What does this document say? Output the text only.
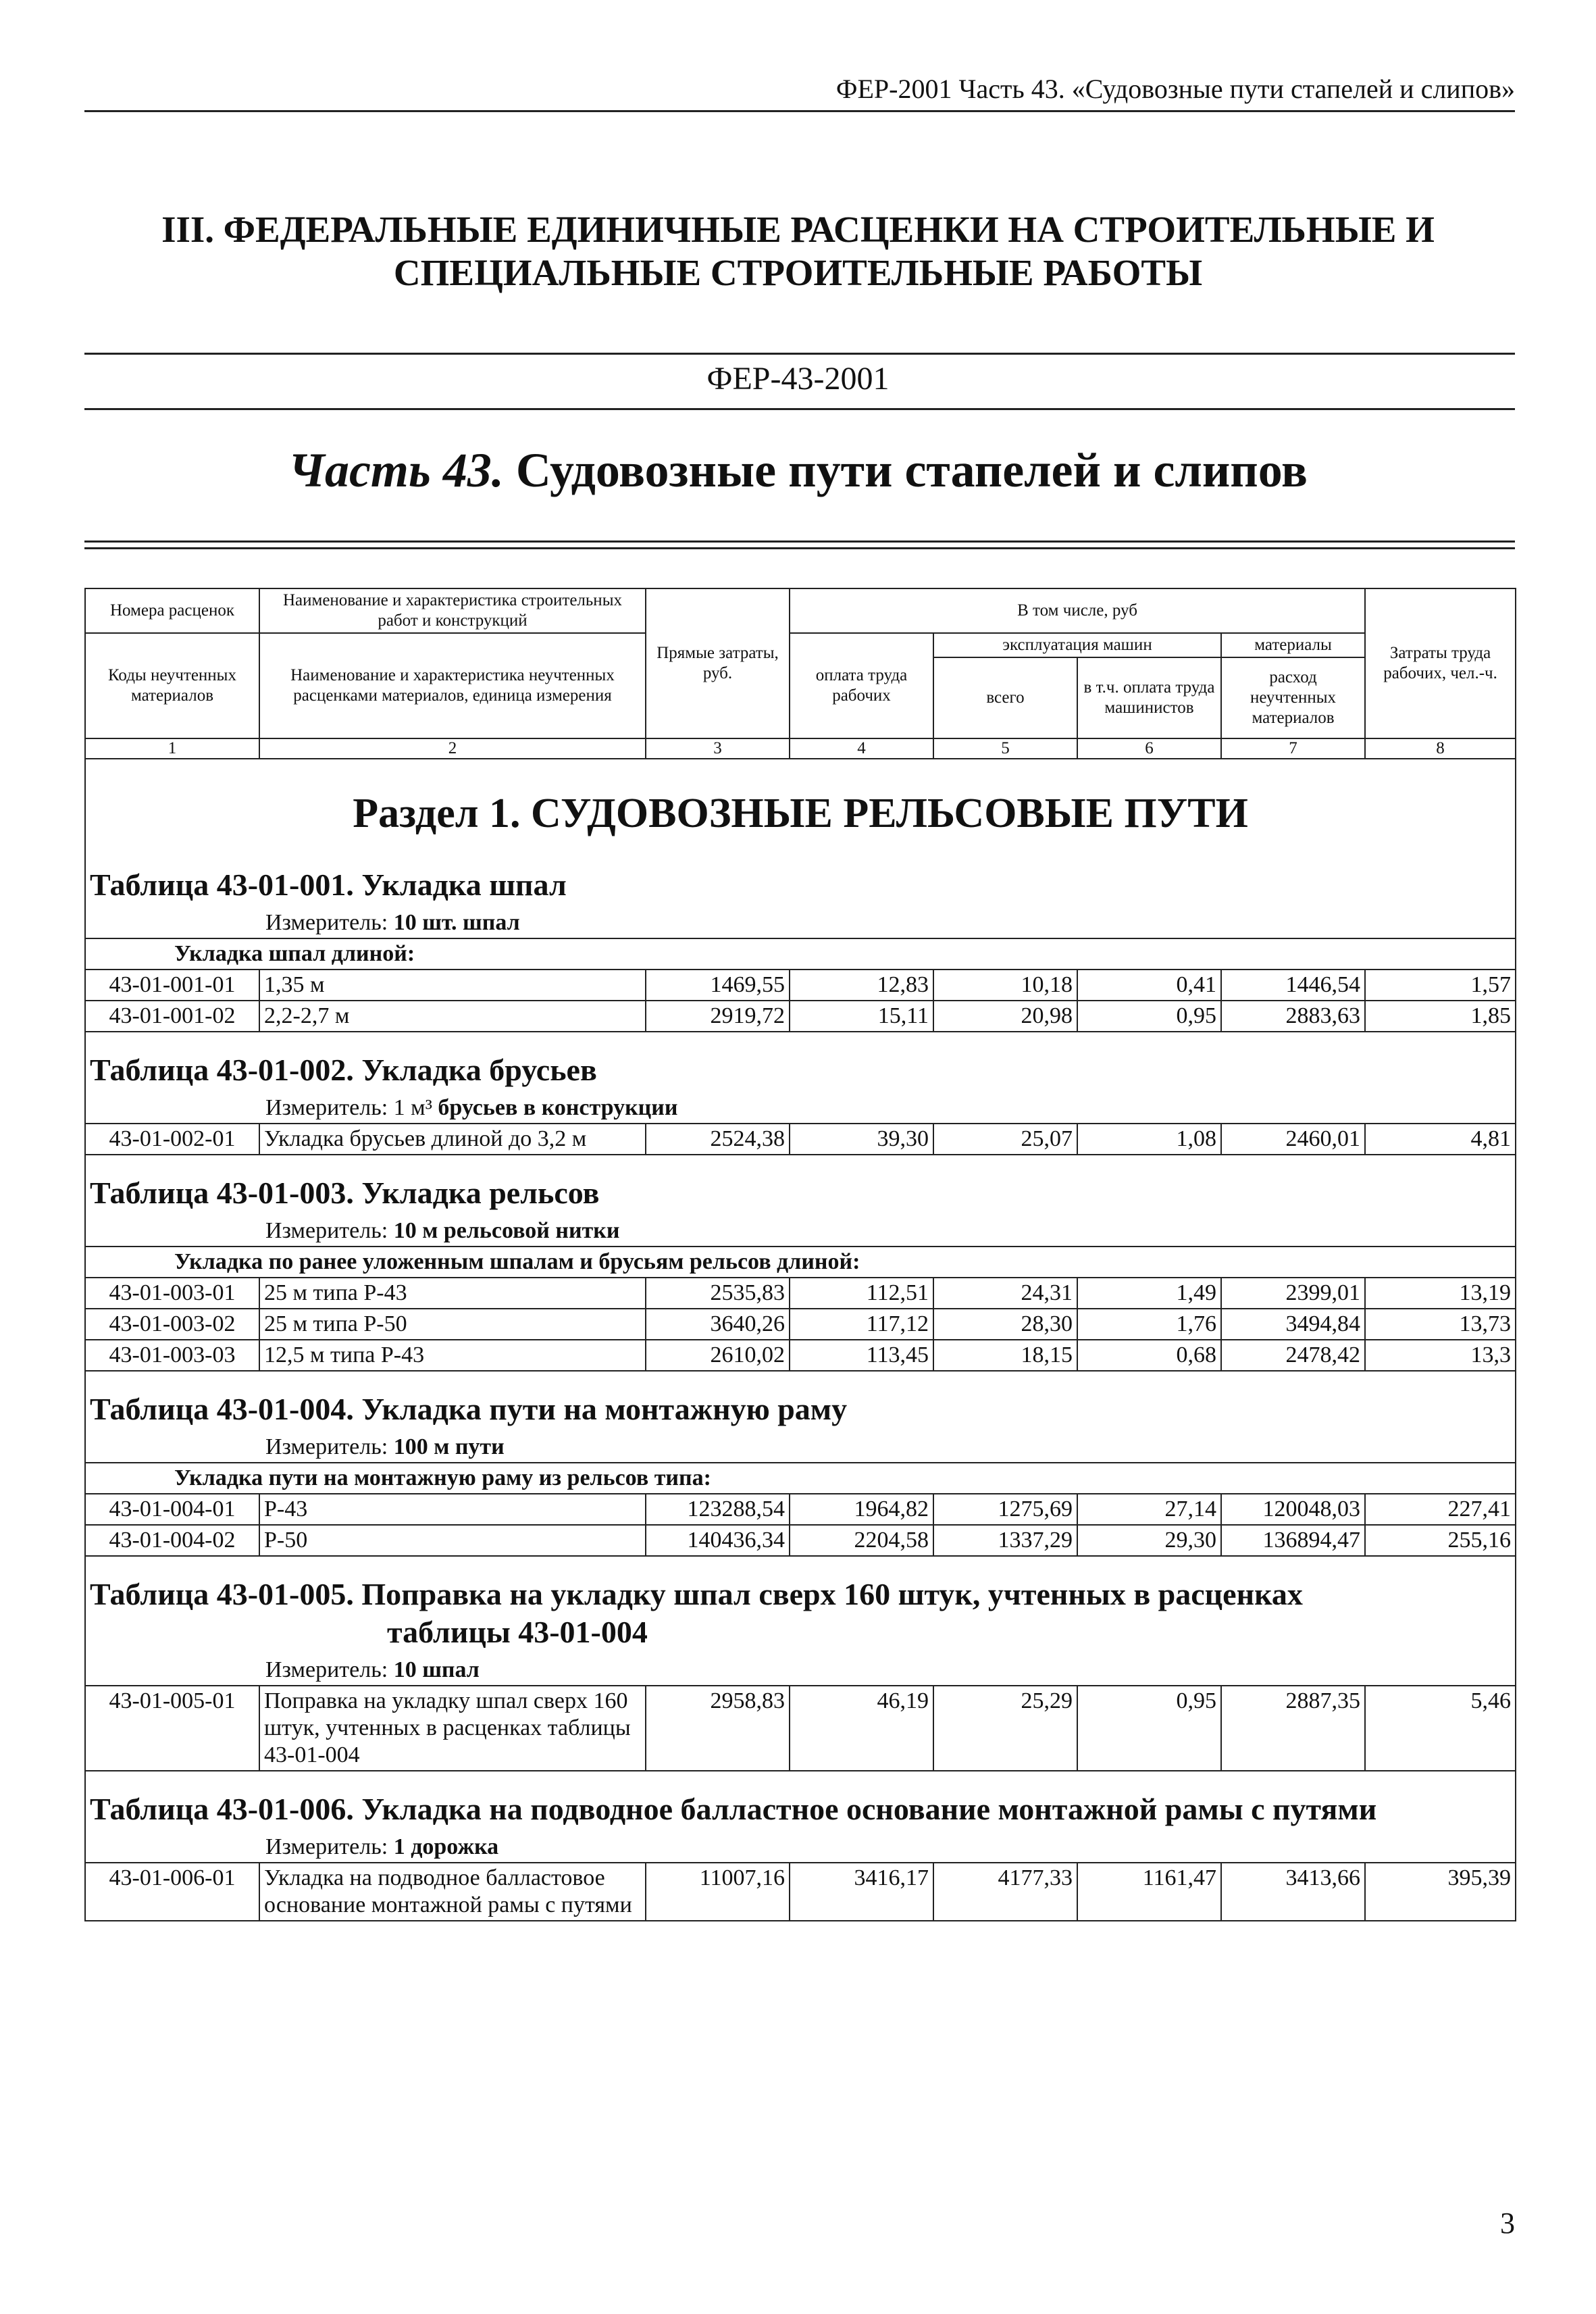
ФЕР-2001 Часть 43. «Судовозные пути стапелей и слипов»
III. ФЕДЕРАЛЬНЫЕ ЕДИНИЧНЫЕ РАСЦЕНКИ НА СТРОИТЕЛЬНЫЕ И
СПЕЦИАЛЬНЫЕ СТРОИТЕЛЬНЫЕ РАБОТЫ
ФЕР-43-2001
Часть 43. Судовозные пути стапелей и слипов
Номера расценок	Наименование и характеристика строительных работ и конструкций	Прямые затраты, руб.	В том числе, руб				Затраты труда рабочих, чел.-ч.
Коды неучтенных материалов	Наименование и характеристика неучтенных расценками материалов, единица измерения		оплата труда рабочих	эксплуатация машин		материалы	
				всего	в т.ч. оплата труда машинистов	расход неучтенных материалов	
1	2	3	4	5	6	7	8

Раздел 1. СУДОВОЗНЫЕ РЕЛЬСОВЫЕ ПУТИ							

Таблица 43-01-001. Укладка шпал
Измеритель: 10 шт. шпал							

Укладка шпал длиной:							

43-01-001-01	1,35 м	1469,55	12,83	10,18	0,41	1446,54	1,57
43-01-001-02	2,2-2,7 м	2919,72	15,11	20,98	0,95	2883,63	1,85

Таблица 43-01-002. Укладка брусьев
Измеритель: 1 м³ брусьев в конструкции							

43-01-002-01	Укладка брусьев длиной до 3,2 м	2524,38	39,30	25,07	1,08	2460,01	4,81

Таблица 43-01-003. Укладка рельсов
Измеритель: 10 м рельсовой нитки							

Укладка по ранее уложенным шпалам и брусьям рельсов длиной:							

43-01-003-01	25 м типа Р-43	2535,83	112,51	24,31	1,49	2399,01	13,19
43-01-003-02	25 м типа Р-50	3640,26	117,12	28,30	1,76	3494,84	13,73
43-01-003-03	12,5 м типа Р-43	2610,02	113,45	18,15	0,68	2478,42	13,3

Таблица 43-01-004. Укладка пути на монтажную раму
Измеритель: 100 м пути							

Укладка пути на монтажную раму из рельсов типа:							

43-01-004-01	Р-43	123288,54	1964,82	1275,69	27,14	120048,03	227,41
43-01-004-02	Р-50	140436,34	2204,58	1337,29	29,30	136894,47	255,16

Таблица 43-01-005. Поправка на укладку шпал сверх 160 штук, учтенных в расценках
таблицы 43-01-004
Измеритель: 10 шпал							

43-01-005-01	Поправка на укладку шпал сверх 160 штук, учтенных в расценках таблицы 43-01-004	2958,83	46,19	25,29	0,95	2887,35	5,46

Таблица 43-01-006. Укладка на подводное балластное основание монтажной рамы с путями
Измеритель: 1 дорожка							

43-01-006-01	Укладка на подводное балластовое основание монтажной рамы с путями	11007,16	3416,17	4177,33	1161,47	3413,66	395,39
3
